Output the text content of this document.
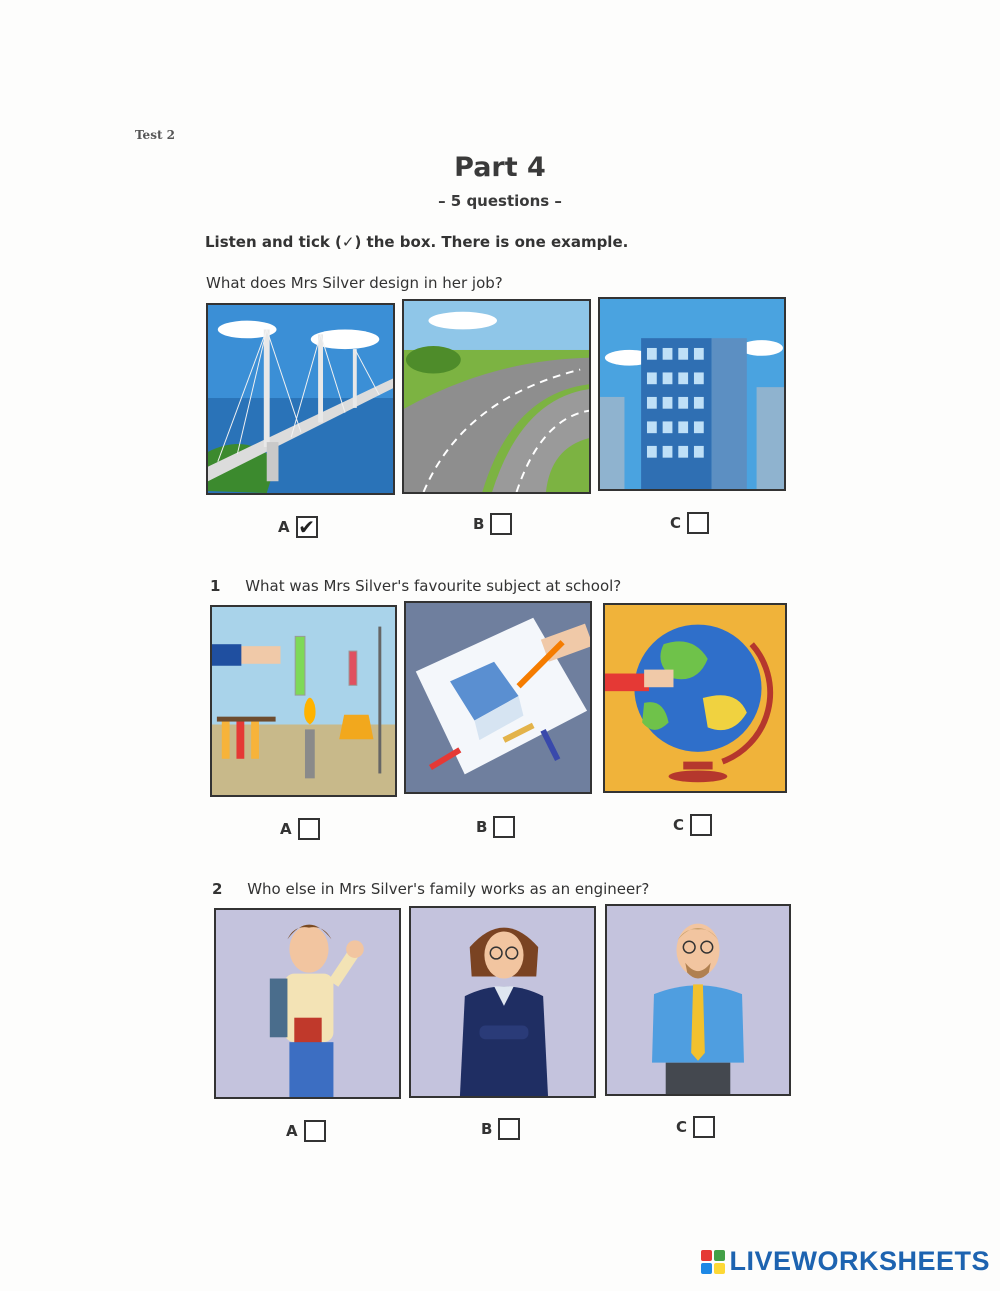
Test 2
Part 4
– 5 questions –
Listen and tick (✓) the box. There is one example.
What does Mrs Silver design in her job?
A ✔	B	C
1 What was Mrs Silver's favourite subject at school?
A	B	C
2 Who else in Mrs Silver's family works as an engineer?
A	B	C
LIVEWORKSHEETS
